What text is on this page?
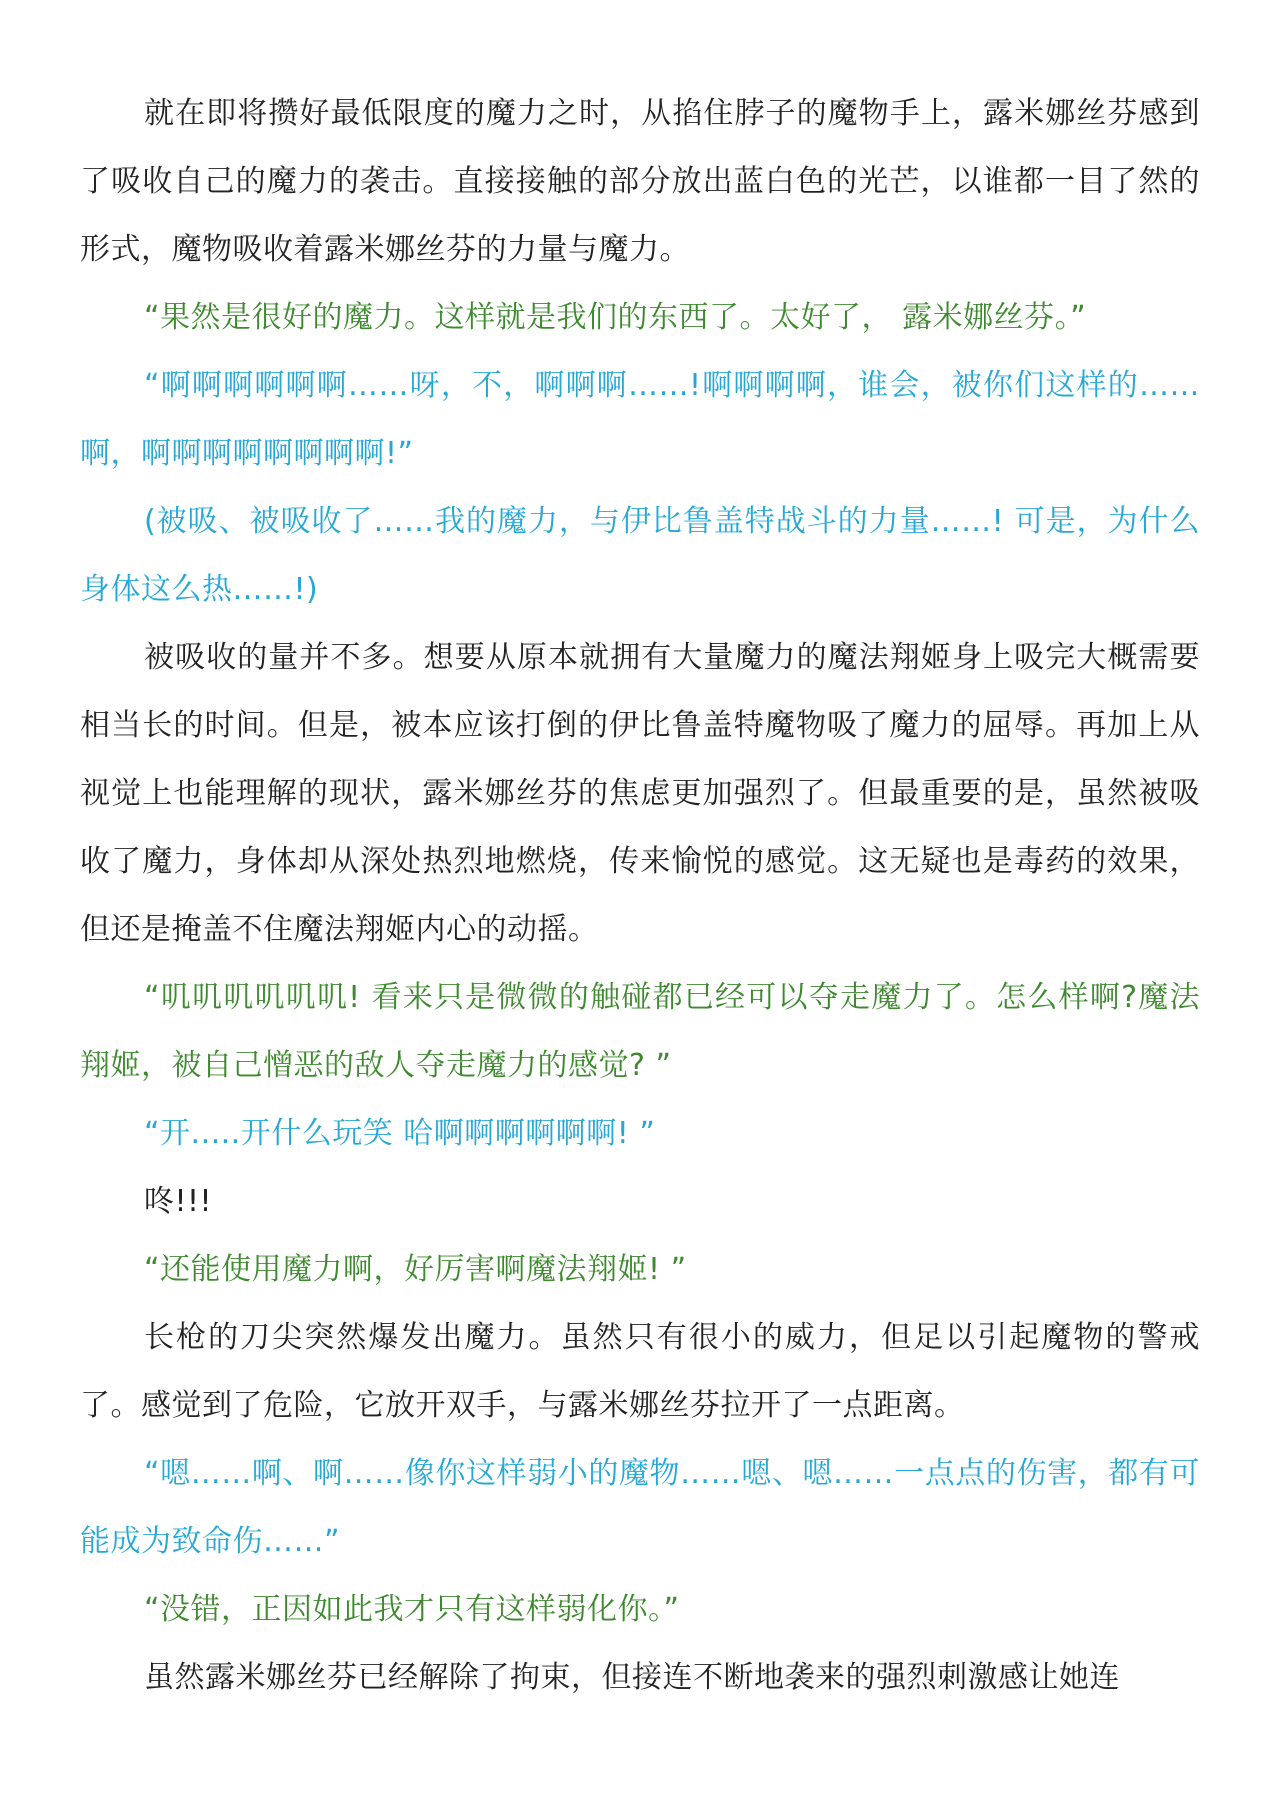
就在即将攒好最低限度的魔力之时，从掐住脖子的魔物手上，露米娜丝芬感到了吸收自己的魔力的袭击。直接接触的部分放出蓝白色的光芒，以谁都一目了然的形式，魔物吸收着露米娜丝芬的力量与魔力。

“果然是很好的魔力。这样就是我们的东西了。太好了， 露米娜丝芬。”

“啊啊啊啊啊啊……呀，不，啊啊啊……!啊啊啊啊，谁会，被你们这样的……啊，啊啊啊啊啊啊啊啊!”

(被吸、被吸收了……我的魔力，与伊比鲁盖特战斗的力量……! 可是，为什么身体这么热……!)

被吸收的量并不多。想要从原本就拥有大量魔力的魔法翔姬身上吸完大概需要相当长的时间。但是，被本应该打倒的伊比鲁盖特魔物吸了魔力的屈辱。再加上从视觉上也能理解的现状，露米娜丝芬的焦虑更加强烈了。但最重要的是，虽然被吸收了魔力，身体却从深处热烈地燃烧，传来愉悦的感觉。这无疑也是毒药的效果，但还是掩盖不住魔法翔姬内心的动摇。

“叽叽叽叽叽叽! 看来只是微微的触碰都已经可以夺走魔力了。怎么样啊?魔法翔姬，被自己憎恶的敌人夺走魔力的感觉? ”

“开.....开什么玩笑 哈啊啊啊啊啊啊! ”

咚!!!

“还能使用魔力啊，好厉害啊魔法翔姬! ”

长枪的刀尖突然爆发出魔力。虽然只有很小的威力，但足以引起魔物的警戒了。感觉到了危险，它放开双手，与露米娜丝芬拉开了一点距离。

“嗯……啊、啊……像你这样弱小的魔物……嗯、嗯……一点点的伤害，都有可能成为致命伤……”

“没错，正因如此我才只有这样弱化你。”

虽然露米娜丝芬已经解除了拘束，但接连不断地袭来的强烈刺激感让她连
